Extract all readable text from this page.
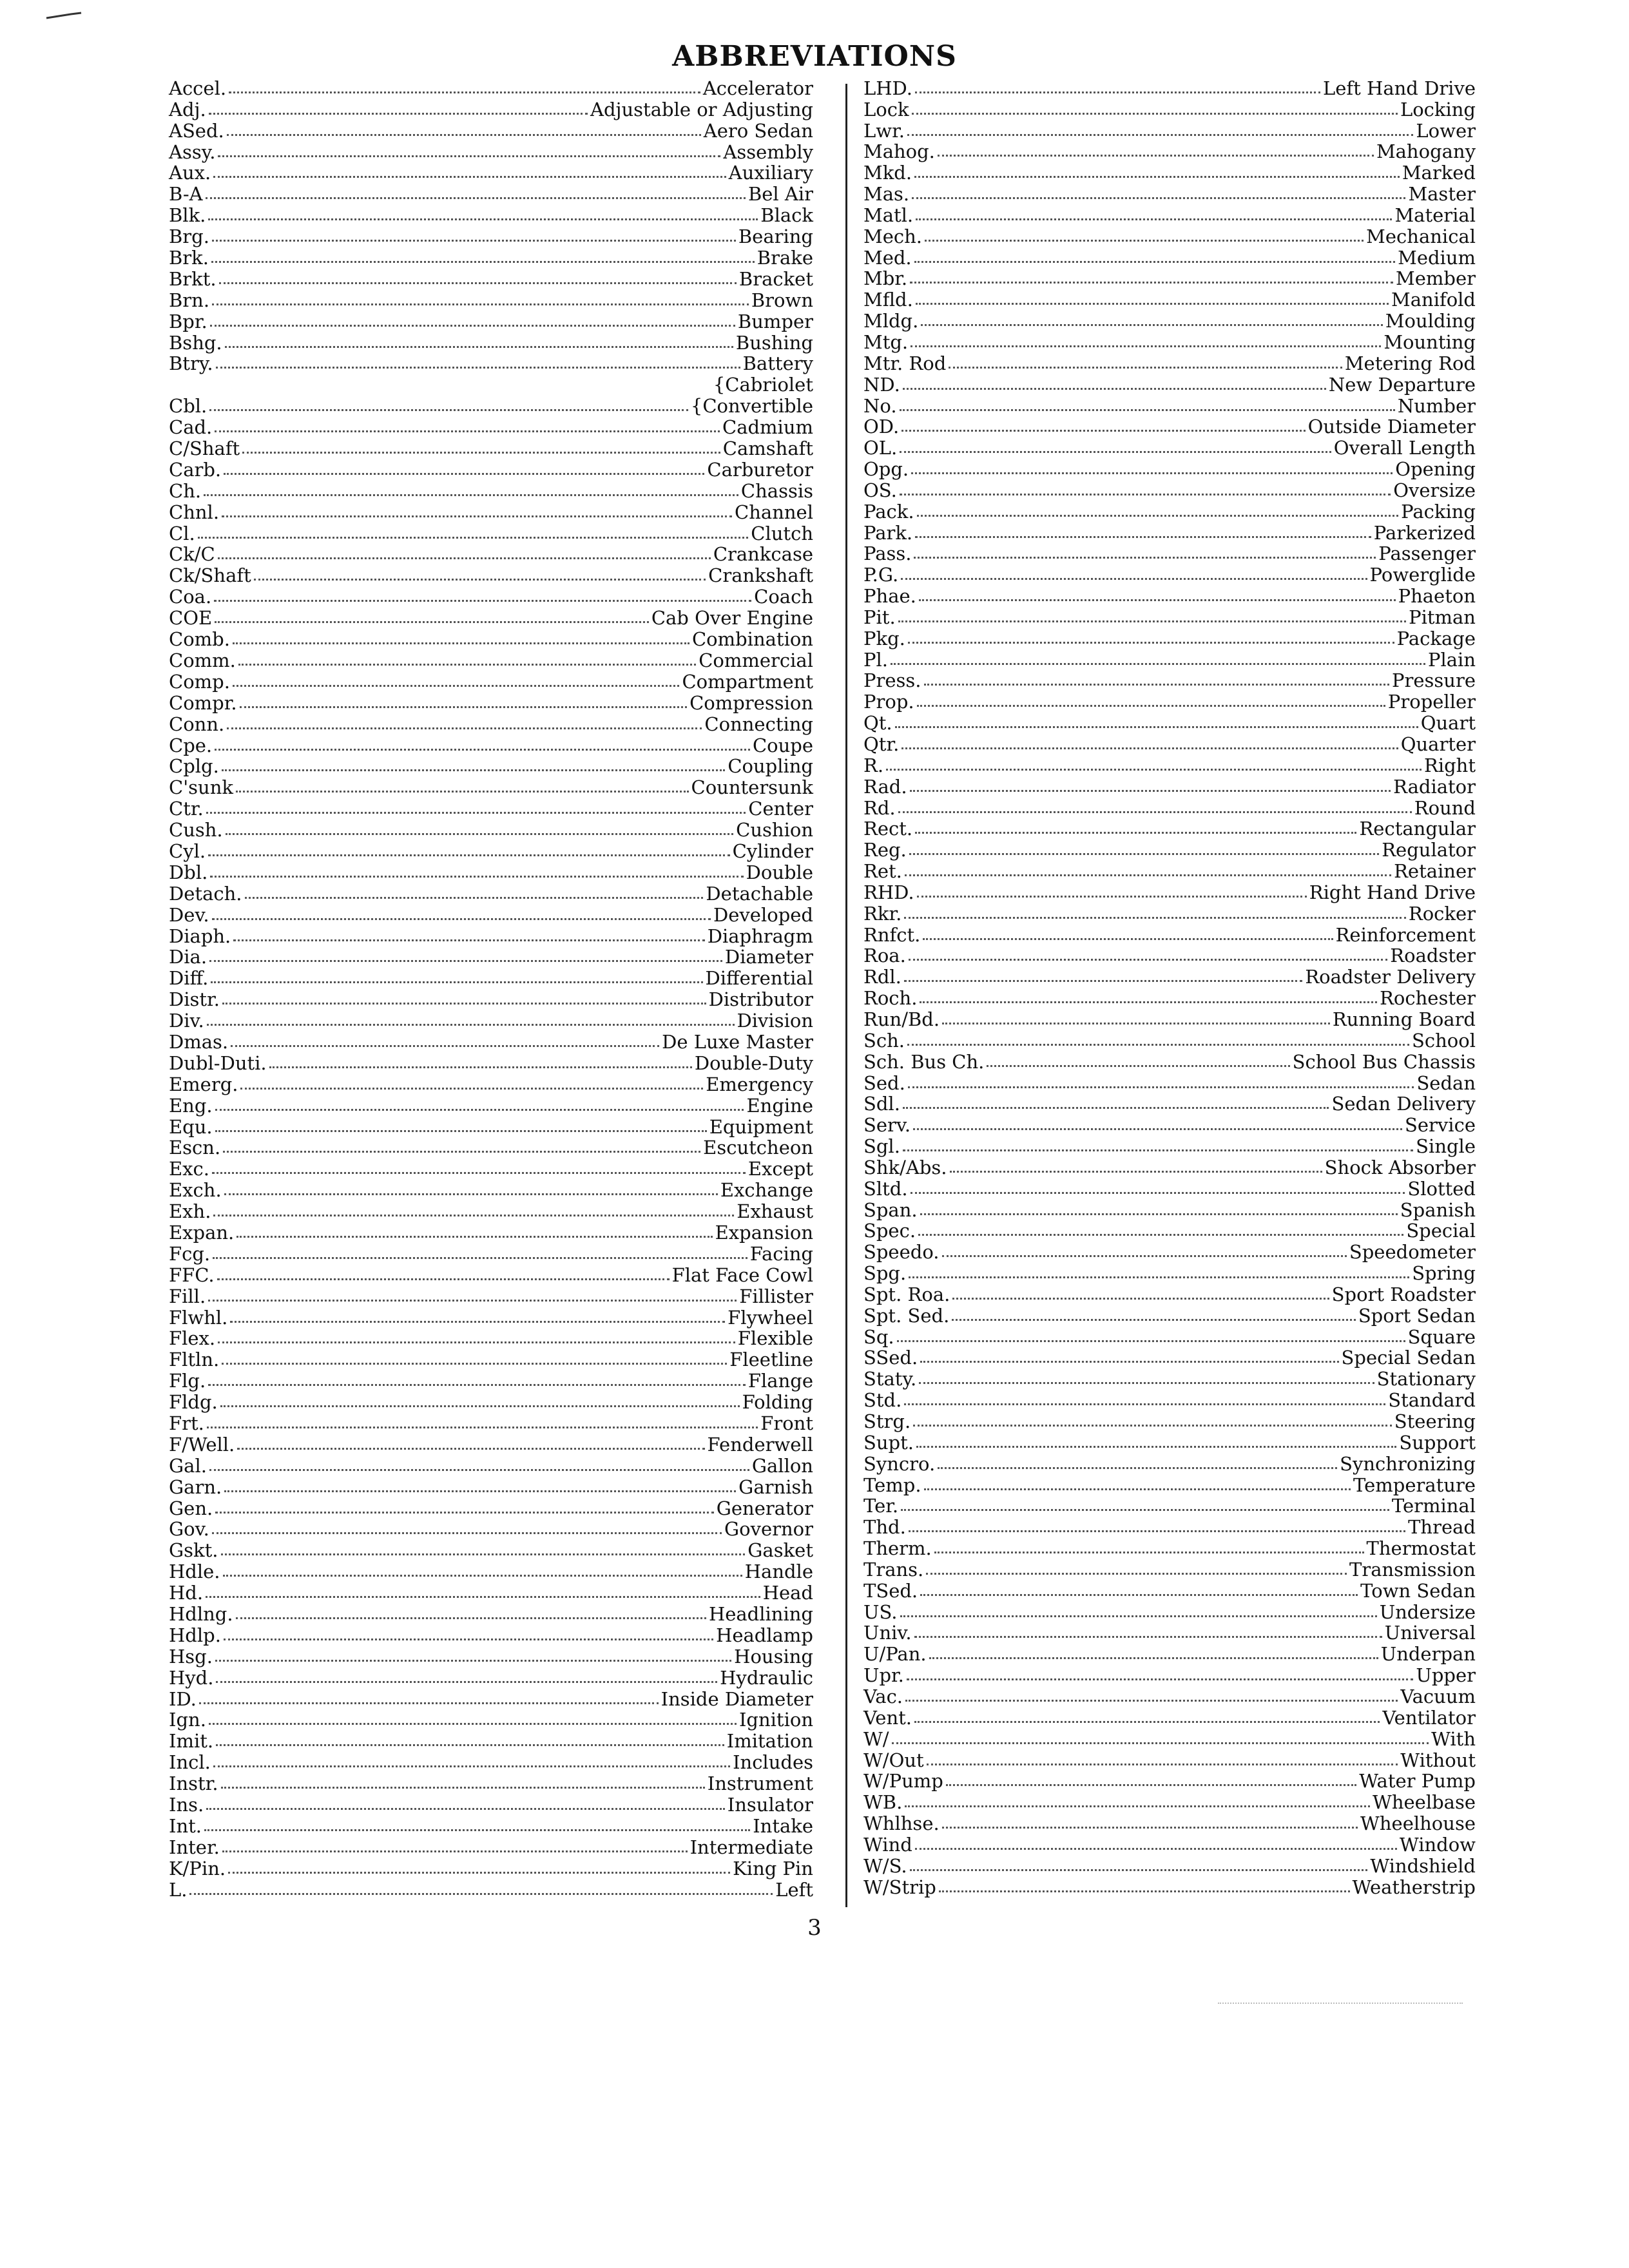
ABBREVIATIONS
Accel.	Accelerator
Adj.	Adjustable or Adjusting
ASed.	Aero Sedan
Assy.	Assembly
Aux.	Auxiliary
B-A	Bel Air
Blk.	Black
Brg.	Bearing
Brk.	Brake
Brkt.	Bracket
Brn.	Brown
Bpr.	Bumper
Bshg.	Bushing
Btry.	Battery
{Cabriolet
Cbl.	{Convertible
Cad.	Cadmium
C/Shaft	Camshaft
Carb.	Carburetor
Ch.	Chassis
Chnl.	Channel
Cl.	Clutch
Ck/C	Crankcase
Ck/Shaft	Crankshaft
Coa.	Coach
COE	Cab Over Engine
Comb.	Combination
Comm.	Commercial
Comp.	Compartment
Compr.	Compression
Conn.	Connecting
Cpe.	Coupe
Cplg.	Coupling
C'sunk	Countersunk
Ctr.	Center
Cush.	Cushion
Cyl.	Cylinder
Dbl.	Double
Detach.	Detachable
Dev.	Developed
Diaph.	Diaphragm
Dia.	Diameter
Diff.	Differential
Distr.	Distributor
Div.	Division
Dmas.	De Luxe Master
Dubl-Duti.	Double-Duty
Emerg.	Emergency
Eng.	Engine
Equ.	Equipment
Escn.	Escutcheon
Exc.	Except
Exch.	Exchange
Exh.	Exhaust
Expan.	Expansion
Fcg.	Facing
FFC.	Flat Face Cowl
Fill.	Fillister
Flwhl.	Flywheel
Flex.	Flexible
Fltln.	Fleetline
Flg.	Flange
Fldg.	Folding
Frt.	Front
F/Well.	Fenderwell
Gal.	Gallon
Garn.	Garnish
Gen.	Generator
Gov.	Governor
Gskt.	Gasket
Hdle.	Handle
Hd.	Head
Hdlng.	Headlining
Hdlp.	Headlamp
Hsg.	Housing
Hyd.	Hydraulic
ID.	Inside Diameter
Ign.	Ignition
Imit.	Imitation
Incl.	Includes
Instr.	Instrument
Ins.	Insulator
Int.	Intake
Inter.	Intermediate
K/Pin.	King Pin
L.	Left
LHD.	Left Hand Drive
Lock	Locking
Lwr.	Lower
Mahog.	Mahogany
Mkd.	Marked
Mas.	Master
Matl.	Material
Mech.	Mechanical
Med.	Medium
Mbr.	Member
Mfld.	Manifold
Mldg.	Moulding
Mtg.	Mounting
Mtr. Rod	Metering Rod
ND.	New Departure
No.	Number
OD.	Outside Diameter
OL.	Overall Length
Opg.	Opening
OS.	Oversize
Pack.	Packing
Park.	Parkerized
Pass.	Passenger
P.G.	Powerglide
Phae.	Phaeton
Pit.	Pitman
Pkg.	Package
Pl.	Plain
Press.	Pressure
Prop.	Propeller
Qt.	Quart
Qtr.	Quarter
R.	Right
Rad.	Radiator
Rd.	Round
Rect.	Rectangular
Reg.	Regulator
Ret.	Retainer
RHD.	Right Hand Drive
Rkr.	Rocker
Rnfct.	Reinforcement
Roa.	Roadster
Rdl.	Roadster Delivery
Roch.	Rochester
Run/Bd.	Running Board
Sch.	School
Sch. Bus Ch.	School Bus Chassis
Sed.	Sedan
Sdl.	Sedan Delivery
Serv.	Service
Sgl.	Single
Shk/Abs.	Shock Absorber
Sltd.	Slotted
Span.	Spanish
Spec.	Special
Speedo.	Speedometer
Spg.	Spring
Spt. Roa.	Sport Roadster
Spt. Sed.	Sport Sedan
Sq.	Square
SSed.	Special Sedan
Staty.	Stationary
Std.	Standard
Strg.	Steering
Supt.	Support
Syncro.	Synchronizing
Temp.	Temperature
Ter.	Terminal
Thd.	Thread
Therm.	Thermostat
Trans.	Transmission
TSed.	Town Sedan
US.	Undersize
Univ.	Universal
U/Pan.	Underpan
Upr.	Upper
Vac.	Vacuum
Vent.	Ventilator
W/	With
W/Out	Without
W/Pump	Water Pump
WB.	Wheelbase
Whlhse.	Wheelhouse
Wind	Window
W/S.	Windshield
W/Strip	Weatherstrip
3
